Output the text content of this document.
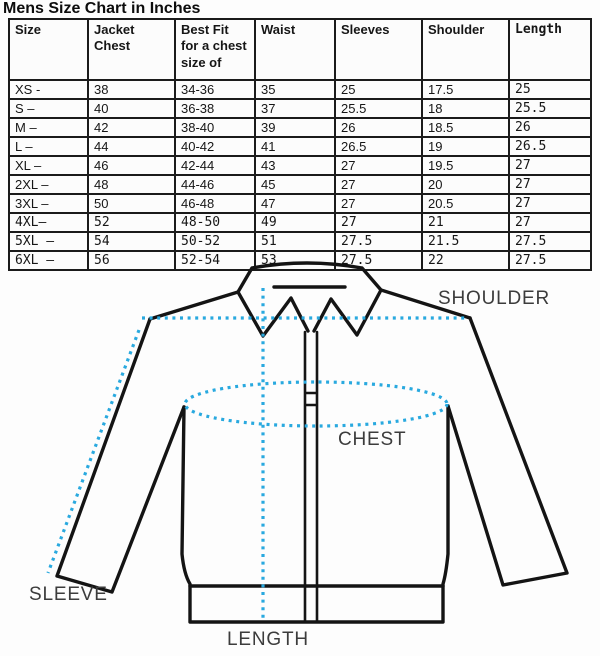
Mens Size Chart in Inches
Size	Jacket Chest	Best Fit for a chest size of	Waist	Sleeves	Shoulder	Length
XS -	38	34-36	35	25	17.5	25
S –	40	36-38	37	25.5	18	25.5
M –	42	38-40	39	26	18.5	26
L –	44	40-42	41	26.5	19	26.5
XL –	46	42-44	43	27	19.5	27
2XL –	48	44-46	45	27	20	27
3XL –	50	46-48	47	27	20.5	27
4XL–	52	48-50	49	27	21	27
5XL –	54	50-52	51	27.5	21.5	27.5
6XL –	56	52-54	53	27.5	22	27.5
SHOULDER
CHEST
SLEEVE
LENGTH
